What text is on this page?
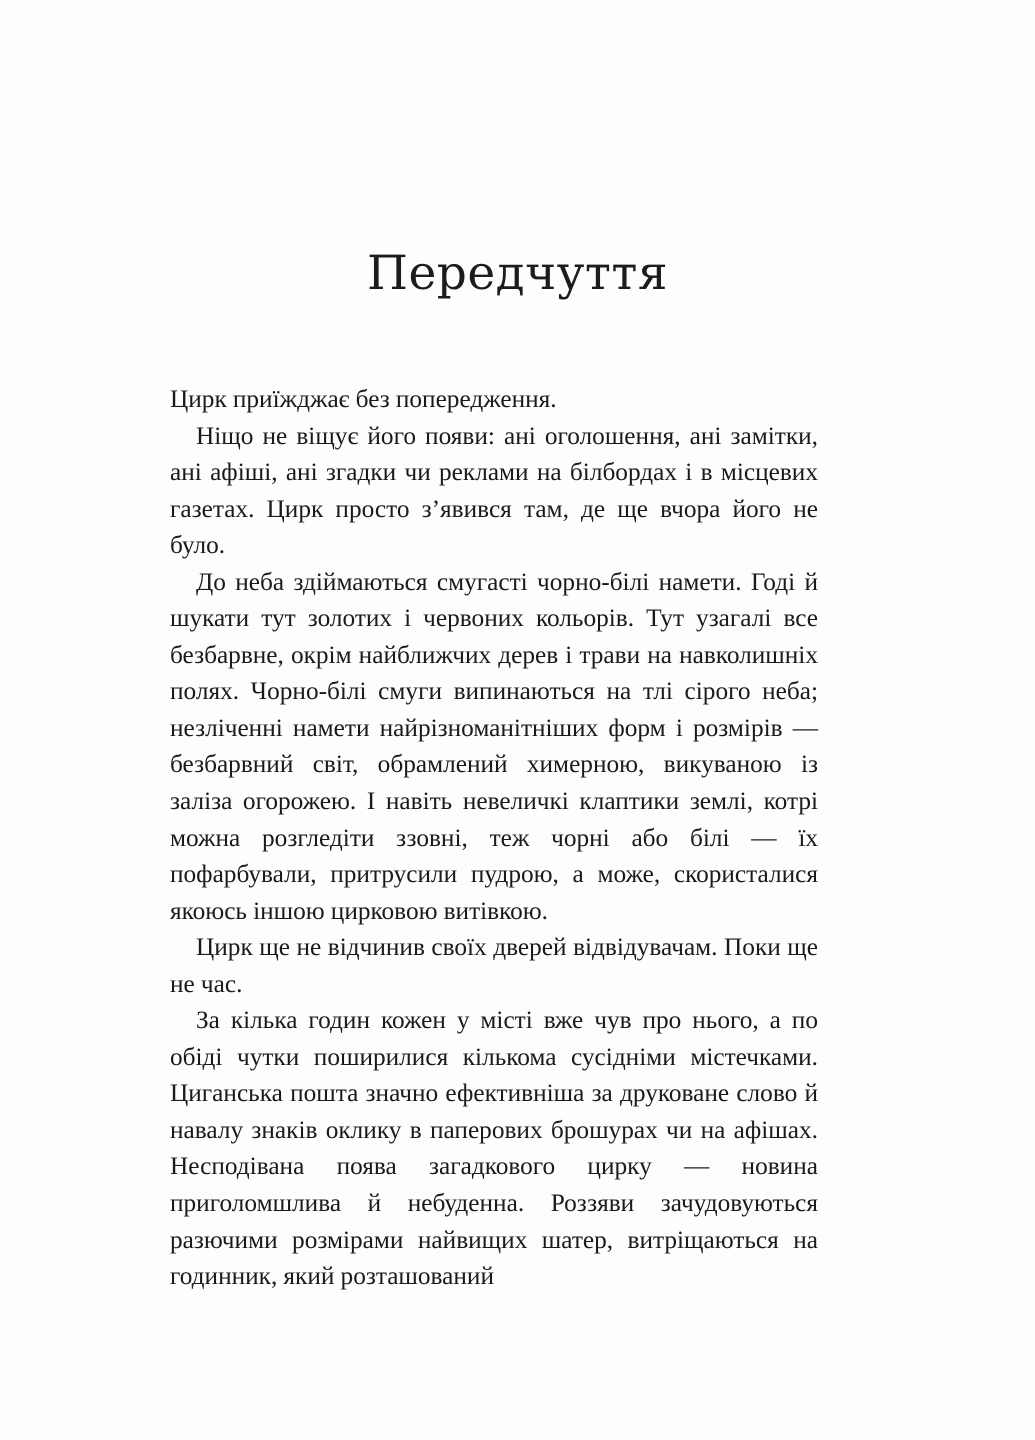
Передчуття

Цирк приїжджає без попередження.

Ніщо не віщує його появи: ані оголошення, ані замітки, ані афіші, ані згадки чи реклами на білбордах і в місцевих газетах. Цирк просто з’явився там, де ще вчора його не було.

До неба здіймаються смугасті чорно-білі намети. Годі й шукати тут золотих і червоних кольорів. Тут узагалі все безбарвне, окрім найближчих дерев і трави на навколишніх полях. Чорно-білі смуги випинаються на тлі сірого неба; незліченні намети найрізноманітніших форм і розмірів — безбарвний світ, обрамлений химерною, викуваною із заліза огорожею. І навіть невеличкі клаптики землі, котрі можна розгледіти ззовні, теж чорні або білі — їх пофарбували, притрусили пудрою, а може, скористалися якоюсь іншою цирковою витівкою.

Цирк ще не відчинив своїх дверей відвідувачам. Поки ще не час.

За кілька годин кожен у місті вже чув про нього, а по обіді чутки поширилися кількома сусідніми містечками. Циганська пошта значно ефективніша за друковане слово й навалу знаків оклику в паперових брошурах чи на афішах. Несподівана поява загадкового цирку — новина приголомшлива й небуденна. Роззяви зачудовуються разючими розмірами найвищих шатер, витріщаються на годинник, який розташований
